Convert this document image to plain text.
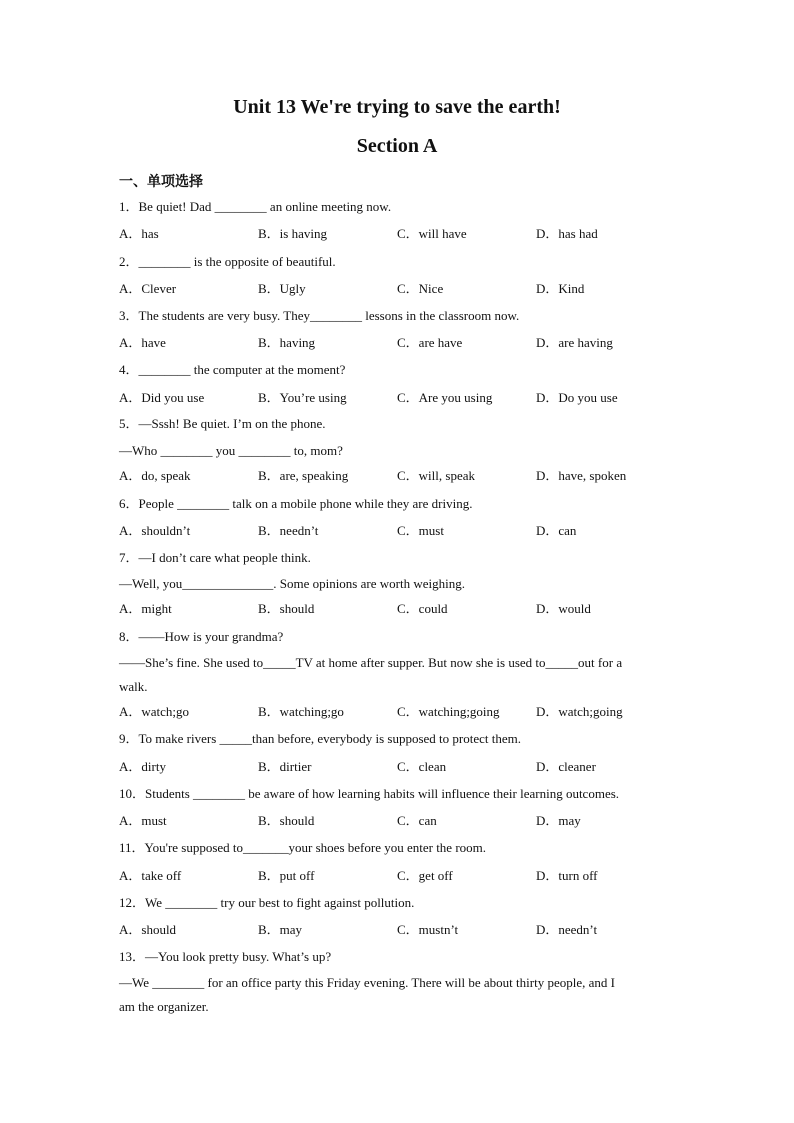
Unit 13 We're trying to save the earth!
Section A
一、单项选择
1．Be quiet! Dad ________ an online meeting now.
A．has	B．is having	C．will have	D．has had
2．________ is the opposite of beautiful.
A．Clever	B．Ugly	C．Nice	D．Kind
3．The students are very busy. They________ lessons in the classroom now.
A．have	B．having	C．are have	D．are having
4．________ the computer at the moment?
A．Did you use	B．You’re using	C．Are you using	D．Do you use
5．—Sssh! Be quiet. I’m on the phone.
—Who ________ you ________ to, mom?
A．do, speak	B．are, speaking	C．will, speak	D．have, spoken
6．People ________ talk on a mobile phone while they are driving.
A．shouldn’t	B．needn’t	C．must	D．can
7．—I don’t care what people think.
—Well, you______________. Some opinions are worth weighing.
A．might	B．should	C．could	D．would
8．——How is your grandma?
——She’s fine. She used to_____TV at home after supper. But now she is used to_____out for a
walk.
A．watch;go	B．watching;go	C．watching;going	D．watch;going
9．To make rivers _____than before, everybody is supposed to protect them.
A．dirty	B．dirtier	C．clean	D．cleaner
10．Students ________ be aware of how learning habits will influence their learning outcomes.
A．must	B．should	C．can	D．may
11．You're supposed to_______your shoes before you enter the room.
A．take off	B．put off	C．get off	D．turn off
12．We ________ try our best to fight against pollution.
A．should	B．may	C．mustn’t	D．needn’t
13．—You look pretty busy. What’s up?
—We ________ for an office party this Friday evening. There will be about thirty people, and I
am the organizer.
